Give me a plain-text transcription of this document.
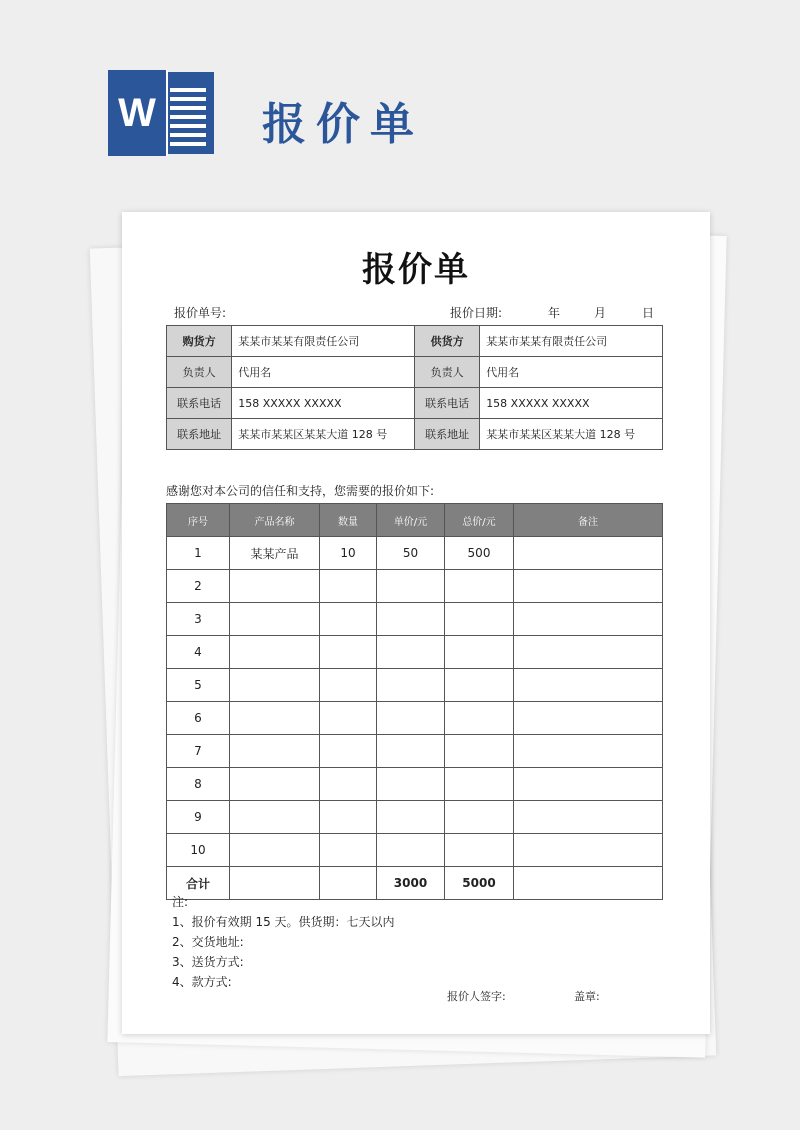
W 报价单
报价单
报价单号:	报价日期:	年	月	日
购货方	某某市某某有限责任公司	供货方	某某市某某有限责任公司
负责人	代用名	负责人	代用名
联系电话	158 XXXXX XXXXX	联系电话	158 XXXXX XXXXX
联系地址	某某市某某区某某大道 128 号	联系地址	某某市某某区某某大道 128 号
感谢您对本公司的信任和支持，您需要的报价如下:
序号	产品名称	数量	单价/元	总价/元	备注
1	某某产品	10	50	500	
2					
3					
4					
5					
6					
7					
8					
9					
10					
合计			3000	5000	
注:
1、报价有效期 15 天。供货期：七天以内
2、交货地址:
3、送货方式:
4、款方式:
报价人签字:	盖章:
